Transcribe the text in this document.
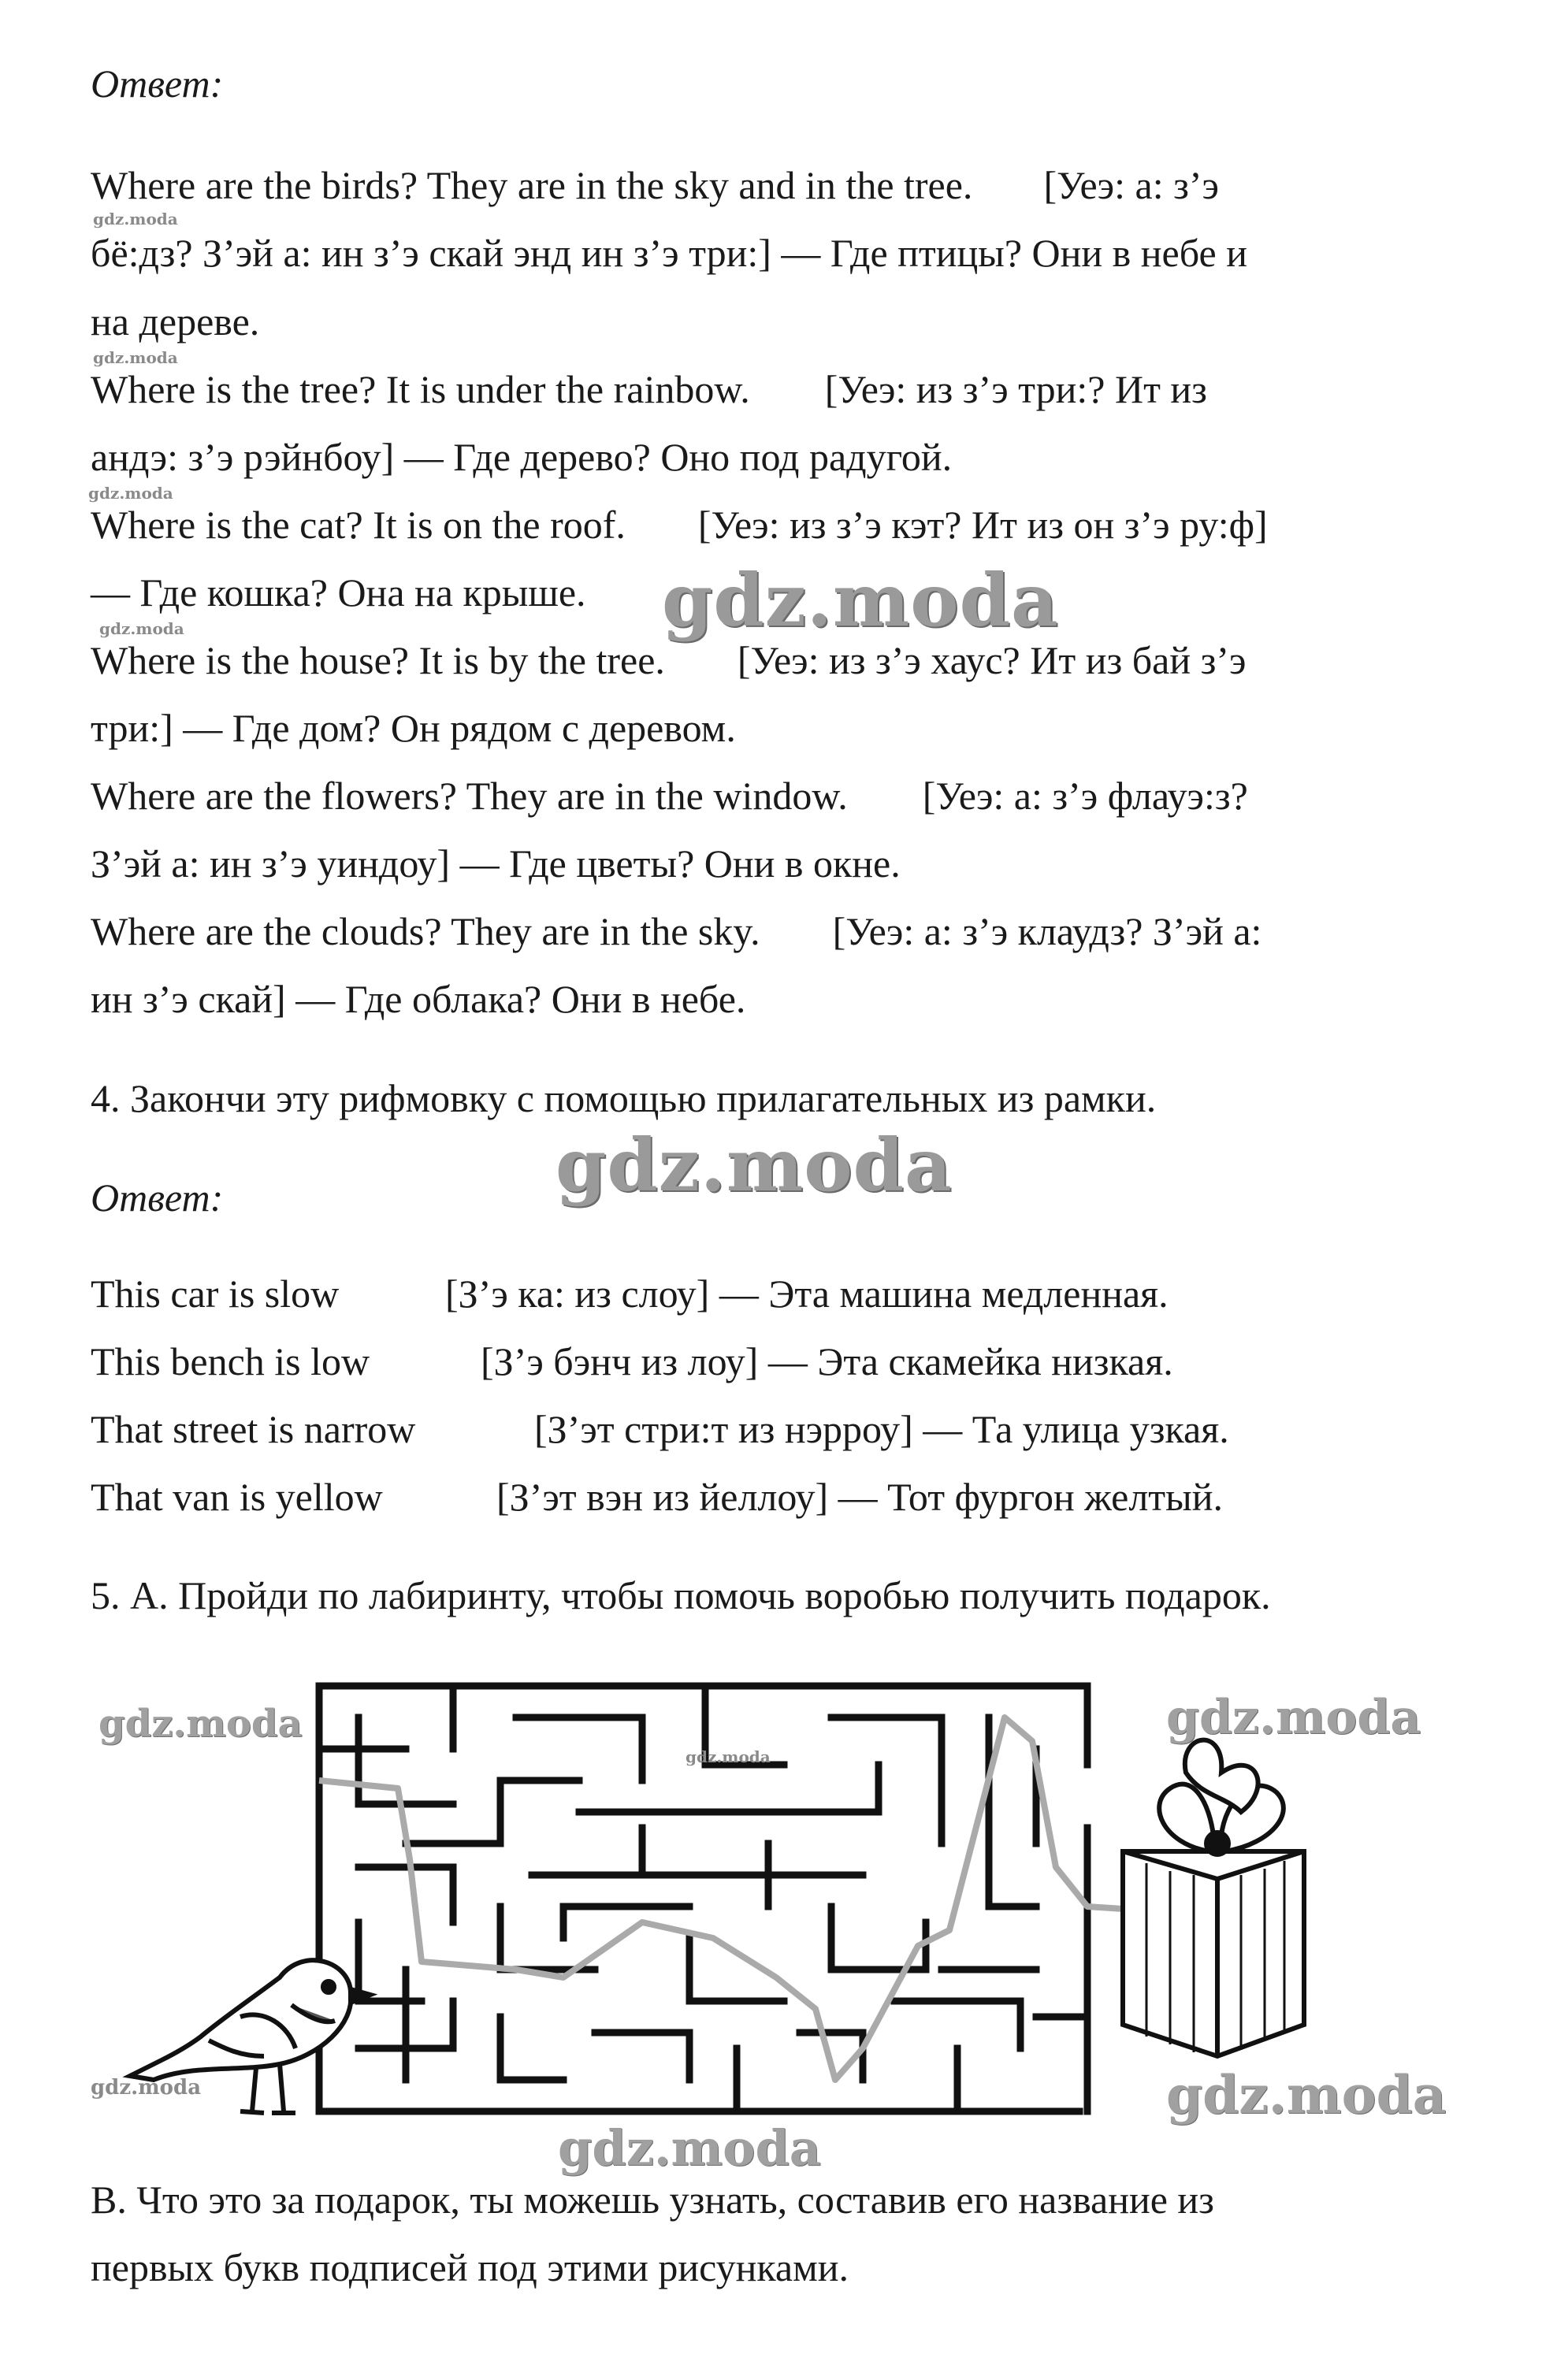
Ответ:
Where are the birds? They are in the sky and in the tree. [Уеэ: а: з’э
бё:дз? З’эй а: ин з’э скай энд ин з’э три:] — Где птицы? Они в небе и
на дереве.
Where is the tree? It is under the rainbow. [Уеэ: из з’э три:? Ит из
андэ: з’э рэйнбоу] — Где дерево? Оно под радугой.
Where is the cat? It is on the roof. [Уеэ: из з’э кэт? Ит из он з’э ру:ф]
— Где кошка? Она на крыше.
Where is the house? It is by the tree. [Уеэ: из з’э хаус? Ит из бай з’э
три:] — Где дом? Он рядом с деревом.
Where are the flowers? They are in the window. [Уеэ: а: з’э флауэ:з?
З’эй а: ин з’э уиндоу] — Где цветы? Они в окне.
Where are the clouds? They are in the sky. [Уеэ: а: з’э клаудз? З’эй а:
ин з’э скай] — Где облака? Они в небе.
4. Закончи эту рифмовку с помощью прилагательных из рамки.
Ответ:
This car is slow	[З’э ка: из слоу] — Эта машина медленная.
This bench is low	[З’э бэнч из лоу] — Эта скамейка низкая.
That street is narrow	[З’эт стри:т из нэрроу] — Та улица узкая.
That van is yellow	[З’эт вэн из йеллоу] — Тот фургон желтый.
5. А. Пройди по лабиринту, чтобы помочь воробью получить подарок.
В. Что это за подарок, ты можешь узнать, составив его название из
первых букв подписей под этими рисунками.
gdz.moda
gdz.moda
gdz.moda
gdz.moda	gdz.moda
gdz.moda
gdz.moda
gdz.moda
gdz.moda
gdz.moda	gdz.moda
gdz.moda
